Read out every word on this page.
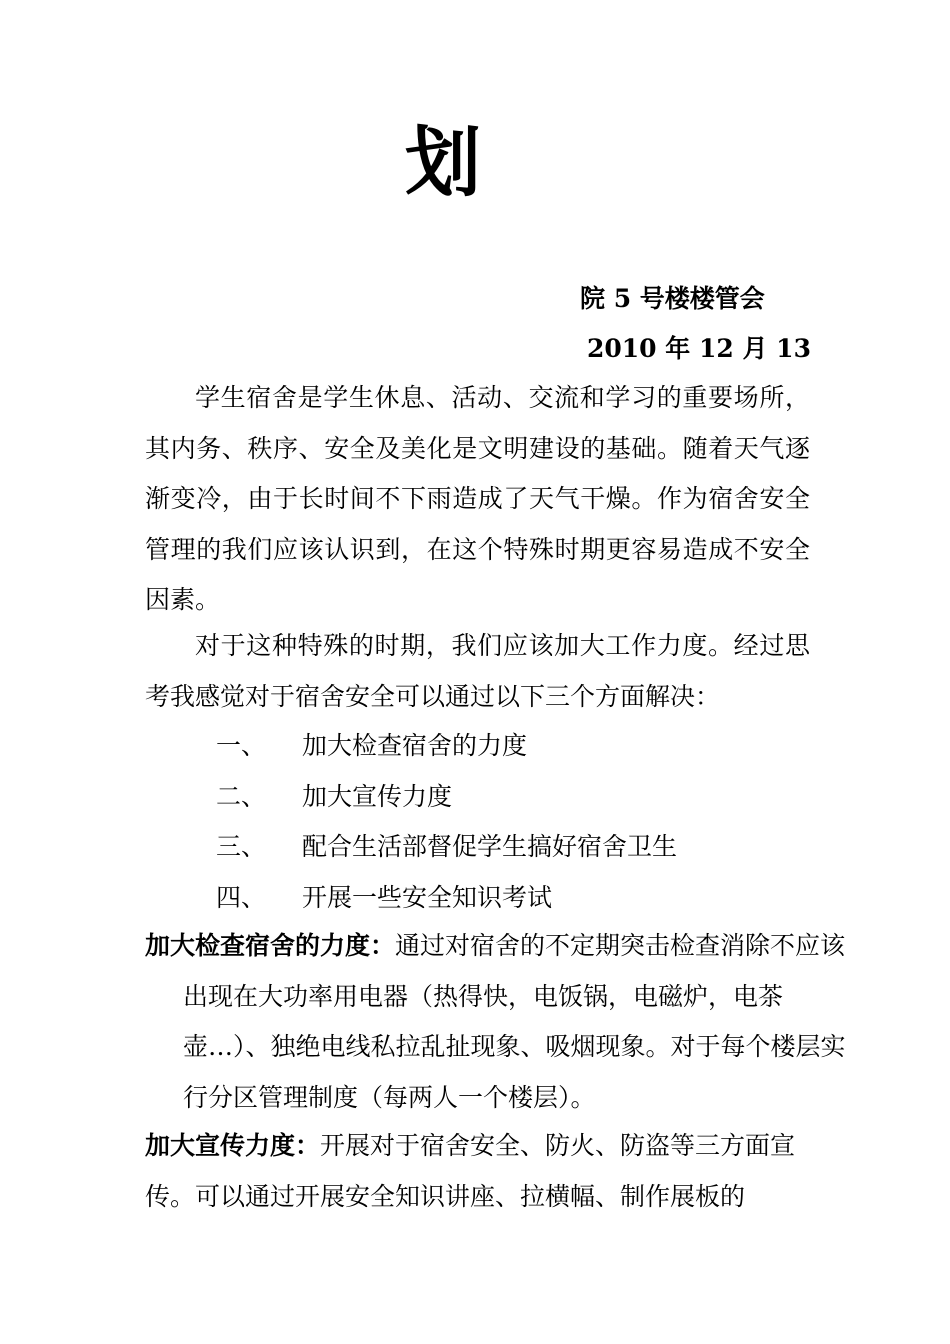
划
院 5 号楼楼管会
2010 年 12 月 13

学生宿舍是学生休息、活动、交流和学习的重要场所，其内务、秩序、安全及美化是文明建设的基础。随着天气逐渐变冷，由于长时间不下雨造成了天气干燥。作为宿舍安全管理的我们应该认识到，在这个特殊时期更容易造成不安全因素。

对于这种特殊的时期，我们应该加大工作力度。经过思考我感觉对于宿舍安全可以通过以下三个方面解决：

一、	加大检查宿舍的力度
二、	加大宣传力度
三、	配合生活部督促学生搞好宿舍卫生
四、	开展一些安全知识考试

加大检查宿舍的力度：通过对宿舍的不定期突击检查消除不应该出现在大功率用电器（热得快，电饭锅，电磁炉，电茶壶…）、独绝电线私拉乱扯现象、吸烟现象。对于每个楼层实行分区管理制度（每两人一个楼层）。

加大宣传力度：开展对于宿舍安全、防火、防盗等三方面宣传。可以通过开展安全知识讲座、拉横幅、制作展板的
